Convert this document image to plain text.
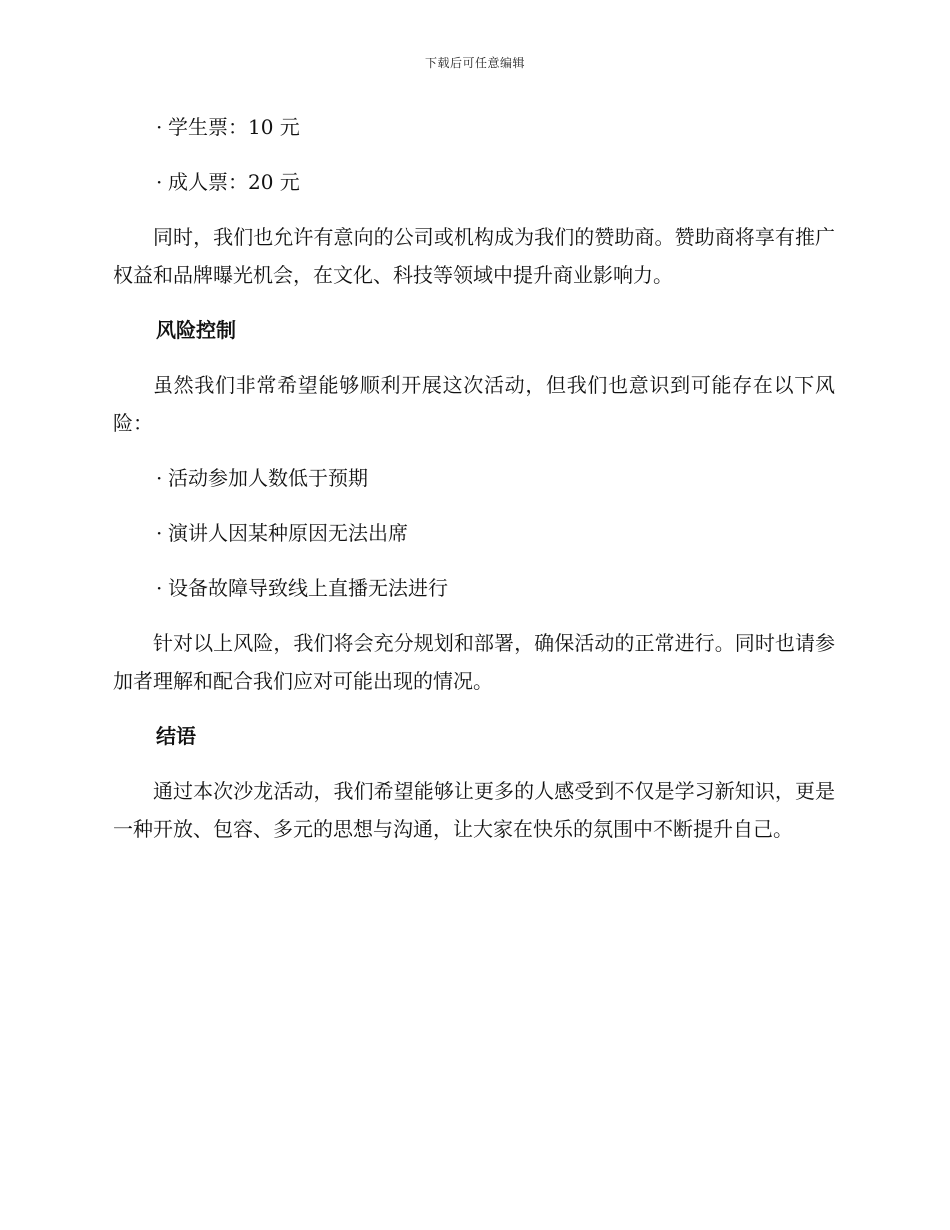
下载后可任意编辑
· 学生票：10 元
· 成人票：20 元

同时，我们也允许有意向的公司或机构成为我们的赞助商。赞助商将享有推广权益和品牌曝光机会，在文化、科技等领域中提升商业影响力。

风险控制

虽然我们非常希望能够顺利开展这次活动，但我们也意识到可能存在以下风险：

· 活动参加人数低于预期
· 演讲人因某种原因无法出席
· 设备故障导致线上直播无法进行

针对以上风险，我们将会充分规划和部署，确保活动的正常进行。同时也请参加者理解和配合我们应对可能出现的情况。

结语

通过本次沙龙活动，我们希望能够让更多的人感受到不仅是学习新知识，更是一种开放、包容、多元的思想与沟通，让大家在快乐的氛围中不断提升自己。
